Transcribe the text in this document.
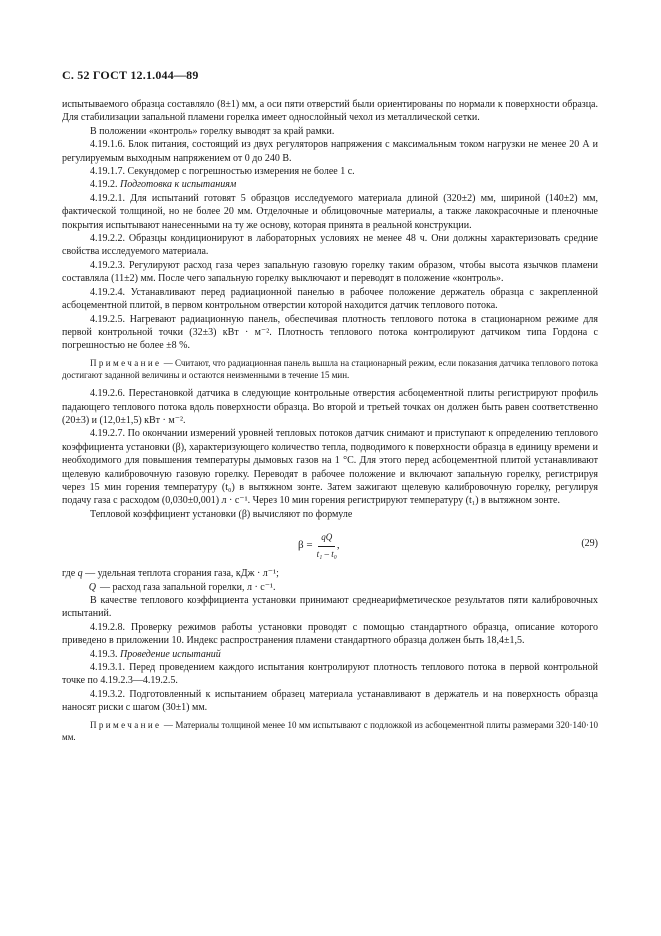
С. 52 ГОСТ 12.1.044—89

испытываемого образца составляло (8±1) мм, а оси пяти отверстий были ориентированы по нормали к поверхности образца. Для стабилизации запальной пламени горелка имеет однослойный чехол из металлической сетки.

В положении «контроль» горелку выводят за край рамки.

4.19.1.6. Блок питания, состоящий из двух регуляторов напряжения с максимальным током нагрузки не менее 20 А и регулируемым выходным напряжением от 0 до 240 В.

4.19.1.7. Секундомер с погрешностью измерения не более 1 с.

4.19.2. Подготовка к испытаниям

4.19.2.1. Для испытаний готовят 5 образцов исследуемого материала длиной (320±2) мм, шириной (140±2) мм, фактической толщиной, но не более 20 мм. Отделочные и облицовочные материалы, а также лакокрасочные и пленочные покрытия испытывают нанесенными на ту же основу, которая принята в реальной конструкции.

4.19.2.2. Образцы кондиционируют в лабораторных условиях не менее 48 ч. Они должны характеризовать средние свойства исследуемого материала.

4.19.2.3. Регулируют расход газа через запальную газовую горелку таким образом, чтобы высота язычков пламени составляла (11±2) мм. После чего запальную горелку выключают и переводят в положение «контроль».

4.19.2.4. Устанавливают перед радиационной панелью в рабочее положение держатель образца с закрепленной асбоцементной плитой, в первом контрольном отверстии которой находится датчик теплового потока.

4.19.2.5. Нагревают радиационную панель, обеспечивая плотность теплового потока в стационарном режиме для первой контрольной точки (32±3) кВт · м⁻². Плотность теплового потока контролируют датчиком типа Гордона с погрешностью не более ±8 %.

Примечание — Считают, что радиационная панель вышла на стационарный режим, если показания датчика теплового потока достигают заданной величины и остаются неизменными в течение 15 мин.

4.19.2.6. Перестановкой датчика в следующие контрольные отверстия асбоцементной плиты регистрируют профиль падающего теплового потока вдоль поверхности образца. Во второй и третьей точках он должен быть равен соответственно (20±3) и (12,0±1,5) кВт · м⁻².

4.19.2.7. По окончании измерений уровней тепловых потоков датчик снимают и приступают к определению теплового коэффициента установки (β), характеризующего количество тепла, подводимого к поверхности образца в единицу времени и необходимого для повышения температуры дымовых газов на 1 °С. Для этого перед асбоцементной плитой устанавливают щелевую калибровочную газовую горелку. Переводят в рабочее положение и включают запальную горелку, регистрируя через 15 мин горения температуру (t₀) в вытяжном зонте. Затем зажигают щелевую калибровочную горелку, регулируя подачу газа с расходом (0,030±0,001) л · с⁻¹. Через 10 мин горения регистрируют температуру (t₁) в вытяжном зонте.

Тепловой коэффициент установки (β) вычисляют по формуле

$\beta = \frac{qQ}{\text{t₁ – t₀}}$ ,	(29)

где q — удельная теплота сгорания газа, кДж · л⁻¹;

Q — расход газа запальной горелки, л · с⁻¹.

В качестве теплового коэффициента установки принимают среднеарифметическое результатов пяти калибровочных испытаний.

4.19.2.8. Проверку режимов работы установки проводят с помощью стандартного образца, описание которого приведено в приложении 10. Индекс распространения пламени стандартного образца должен быть 18,4±1,5.

4.19.3. Проведение испытаний

4.19.3.1. Перед проведением каждого испытания контролируют плотность теплового потока в первой контрольной точке по 4.19.2.3—4.19.2.5.

4.19.3.2. Подготовленный к испытанием образец материала устанавливают в держатель и на поверхность образца наносят риски с шагом (30±1) мм.

Примечание — Материалы толщиной менее 10 мм испытывают с подложкой из асбоцементной плиты размерами 320·140·10 мм.
